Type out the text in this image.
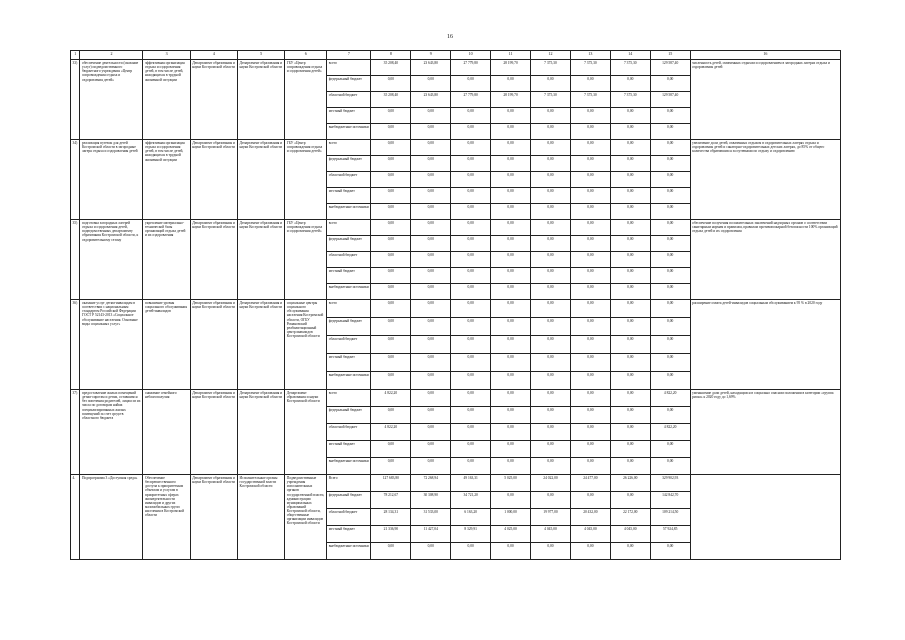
16
1	2	3	4	5	6	7	8	9	10	11	12	13	14	15	16
33)	обеспечение деятельности (оказание услуг) подведомственного бюджетного учреждения «Центр сопровождения отдыха и оздоровления детей»	эффективная организация отдыха и оздоровления детей, в том числе детей, находящихся в трудной жизненной ситуации	Департамент образования и науки Костромской области	Департамент образования и науки Костромской области	ГБУ «Центр сопровождения отдыха и оздоровления детей»	всего	35 208,40	23 643,80	27 779,80	28 199,70	7 375,30	7 375,30	7 375,30	129 587,40	численность детей, охваченных отдыхом и оздоровлением в загородных лагерях отдыха и оздоровления детей
						федеральный бюджет	0,00	0,00	0,00	0,00	0,00	0,00	0,00	0,00	
						областной бюджет	35 208,40	23 643,80	27 779,80	28 199,70	7 375,30	7 375,30	7 375,30	129 587,40	
						местный бюджет	0,00	0,00	0,00	0,00	0,00	0,00	0,00	0,00	
						внебюджетные источники	0,00	0,00	0,00	0,00	0,00	0,00	0,00	0,00	
34)	реализация путевок для детей Костромской области в загородные лагеря отдыха и оздоровления детей	эффективная организация отдыха и оздоровления детей, в том числе детей, находящихся в трудной жизненной ситуации	Департамент образования и науки Костромской области	Департамент образования и науки Костромской области	ГБУ «Центр сопровождения отдыха и оздоровления детей»	всего	0,00	0,00	0,00	0,00	0,00	0,00	0,00	0,00	увеличение доли детей, охваченных отдыхом в оздоровительных лагерях отдыха и оздоровления детей и санаторно-оздоровительных детских лагерях, до 85% от общего количества обратившихся за путевками по отдыху и оздоровлению
						федеральный бюджет	0,00	0,00	0,00	0,00	0,00	0,00	0,00	0,00	
						областной бюджет	0,00	0,00	0,00	0,00	0,00	0,00	0,00	0,00	
						местный бюджет	0,00	0,00	0,00	0,00	0,00	0,00	0,00	0,00	
						внебюджетные источники	0,00	0,00	0,00	0,00	0,00	0,00	0,00	0,00	
35)	подготовка загородных лагерей отдыха и оздоровления детей, подведомственных департаменту образования Костромской области, к оздоровительному сезону	укрепление материально-технической базы организаций отдыха детей и их оздоровления	Департамент образования и науки Костромской области	Департамент образования и науки Костромской области	ГБУ «Центр сопровождения отдыха и оздоровления детей»	всего	0,00	0,00	0,00	0,00	0,00	0,00	0,00	0,00	обеспечение получения положительных заключений надзорных органов о соответствии санитарным нормам и правилам, правилам противопожарной безопасности 100% организаций отдыха детей и их оздоровления
						федеральный бюджет	0,00	0,00	0,00	0,00	0,00	0,00	0,00	0,00	
						областной бюджет	0,00	0,00	0,00	0,00	0,00	0,00	0,00	0,00	
						местный бюджет	0,00	0,00	0,00	0,00	0,00	0,00	0,00	0,00	
						внебюджетные источники	0,00	0,00	0,00	0,00	0,00	0,00	0,00	0,00	
36)	оказание услуг детям-инвалидам в соответствии с национальным стандартом Российской Федерации ГОСТ Р 52143-2013 «Социальное обслуживание населения. Основные виды социальных услуг»	повышение уровня социального обслуживания детей-инвалидов	Департамент образования и науки Костромской области	Департамент образования и науки Костромской области	социальные центры социального обслуживания населения Костромской области, ОГБУ Романовский реабилитационный центр инвалидов Костромской области	всего	0,00	0,00	0,00	0,00	0,00	0,00	0,00	0,00	расширение охвата детей-инвалидов социальным обслуживанием к 95 % в 2020 году
						федеральный бюджет	0,00	0,00	0,00	0,00	0,00	0,00	0,00	0,00	
						областной бюджет	0,00	0,00	0,00	0,00	0,00	0,00	0,00	0,00	
						местный бюджет	0,00	0,00	0,00	0,00	0,00	0,00	0,00	0,00	
						внебюджетные источники	0,00	0,00	0,00	0,00	0,00	0,00	0,00	0,00	
37)	предоставление жилых помещений детям-сиротам и детям, оставшимся без попечения родителей, лицам из их числа по договорам найма специализированных жилых помещений за счет средств областного бюджета	снижение семейного неблагополучия	Департамент образования и науки Костромской области	Департамент образования и науки Костромской области	Департамент образования и науки Костромской области	всего	4 822,20	0,00	0,00	0,00	0,00	0,00	0,00	4 822,20	уменьшение доли детей, находящихся в социально опасном положении в категории «группа риска» к 2020 году до 1,69%
						федеральный бюджет	0,00	0,00	0,00	0,00	0,00	0,00	0,00	0,00	
						областной бюджет	4 822,20	0,00	0,00	0,00	0,00	0,00	0,00	4 822,20	
						местный бюджет	0,00	0,00	0,00	0,00	0,00	0,00	0,00	0,00	
						внебюджетные источники	0,00	0,00	0,00	0,00	0,00	0,00	0,00	0,00	
4.	Подпрограмма 3 «Доступная среда»	Обеспечение беспрепятственного доступа к приоритетным объектам и услугам в приоритетных сферах жизнедеятельности инвалидов и других маломобильных групп населения в Костромской области	Департамент образования и науки Костромской области	Исполнительные органы государственной власти Костромской области	Подведомственные учреждения исполнительных органов государственной власти, администрации муниципальных образований Костромской области, общественные организации инвалидов Костромской области	Всего	127 683,80	72 268,94	49 163,31	5 025,00	24 022,00	24 477,00	26 226,00	329 902,93	
						федеральный бюджет	78 212,67	30 308,90	34 721,20	0,00	0,00	0,00	0,00	142 842,70	
						областной бюджет	28 134,31	31 533,00	6 163,20	1 000,00	19 977,00	20 432,00	22 172,00	109 214,50	
						местный бюджет	21 336,90	11 427,04	8 329,91	4 025,00	4 045,00	4 045,00	4 045,00	57 924,85	
						внебюджетные источники	0,00	0,00	0,00	0,00	0,00	0,00	0,00	0,00	
